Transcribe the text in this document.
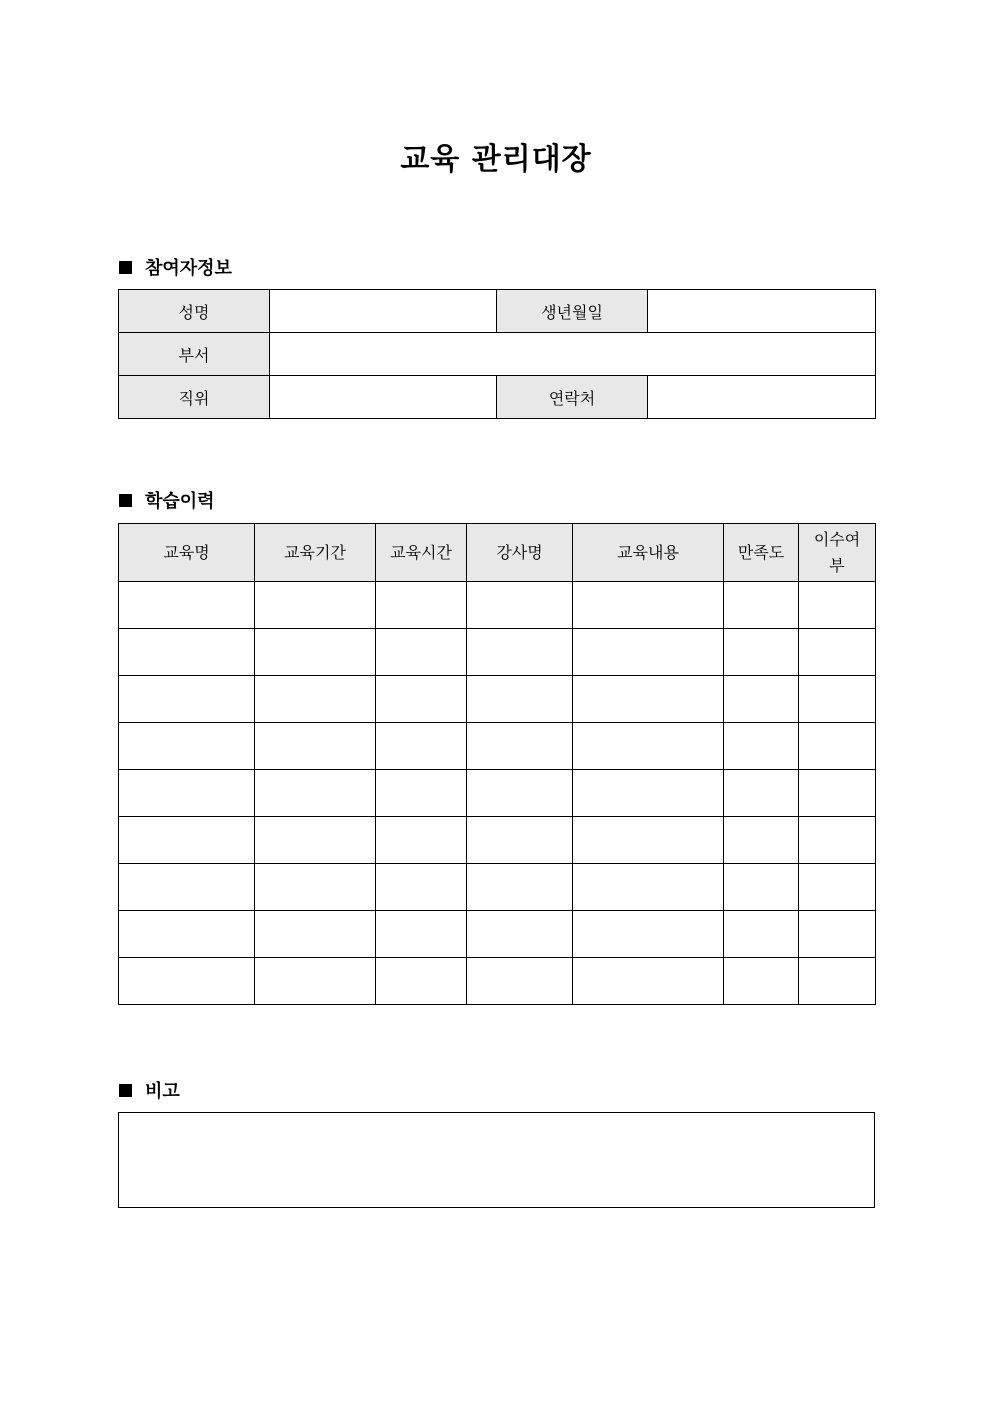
교육 관리대장
참여자정보
성명		생년월일	
부서			
직위		연락처	
학습이력
교육명	교육기간	교육시간	강사명	교육내용	만족도	이수여부

비고
